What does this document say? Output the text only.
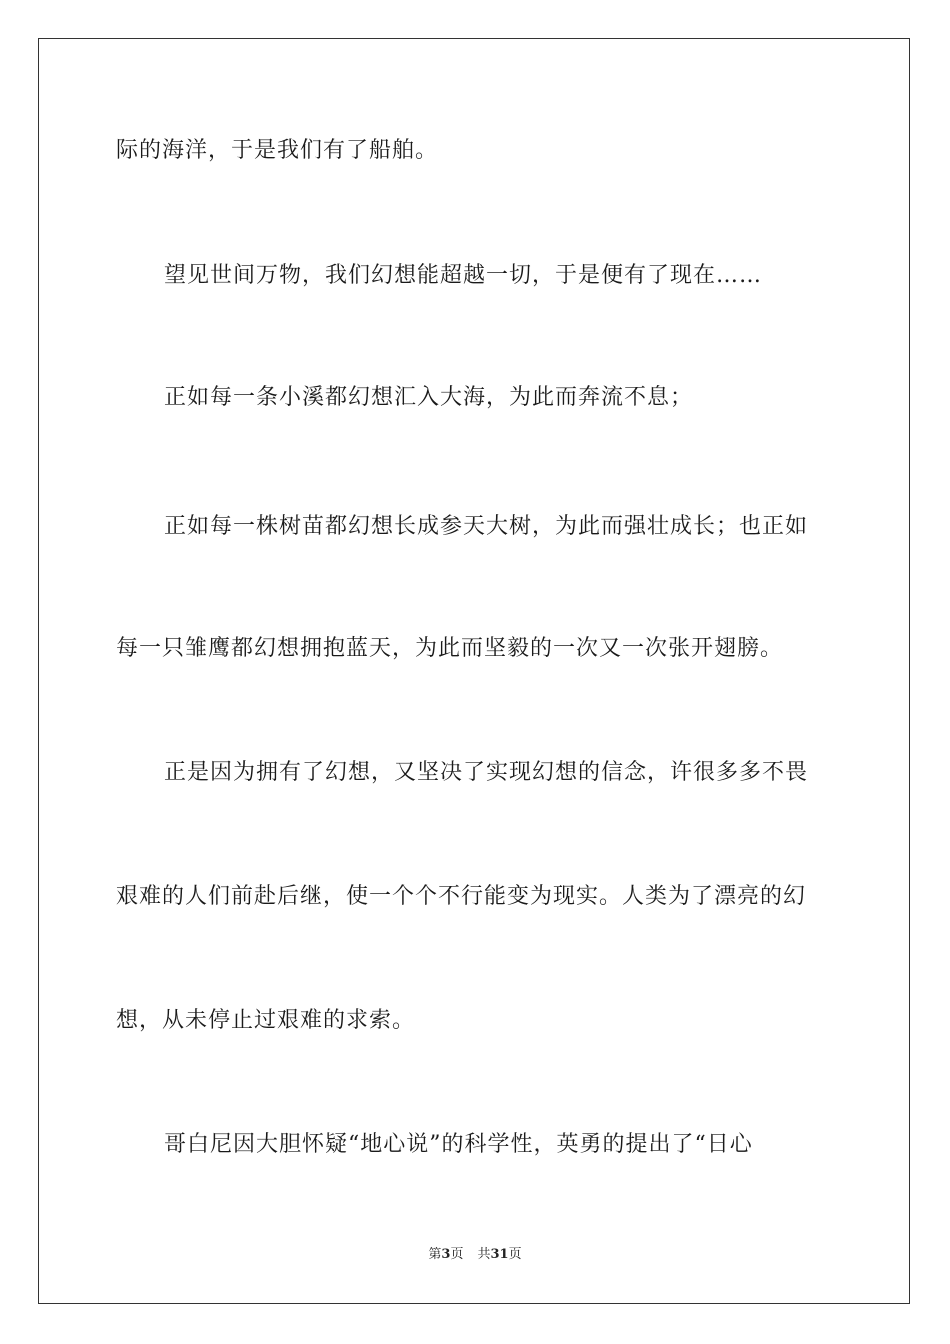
际的海洋，于是我们有了船舶。
望见世间万物，我们幻想能超越一切，于是便有了现在……
正如每一条小溪都幻想汇入大海，为此而奔流不息；
正如每一株树苗都幻想长成参天大树，为此而强壮成长；也正如
每一只雏鹰都幻想拥抱蓝天，为此而坚毅的一次又一次张开翅膀。
正是因为拥有了幻想，又坚决了实现幻想的信念，许很多多不畏
艰难的人们前赴后继，使一个个不行能变为现实。人类为了漂亮的幻
想，从未停止过艰难的求索。
哥白尼因大胆怀疑“地心说”的科学性，英勇的提出了“日心
第3页 共31页
